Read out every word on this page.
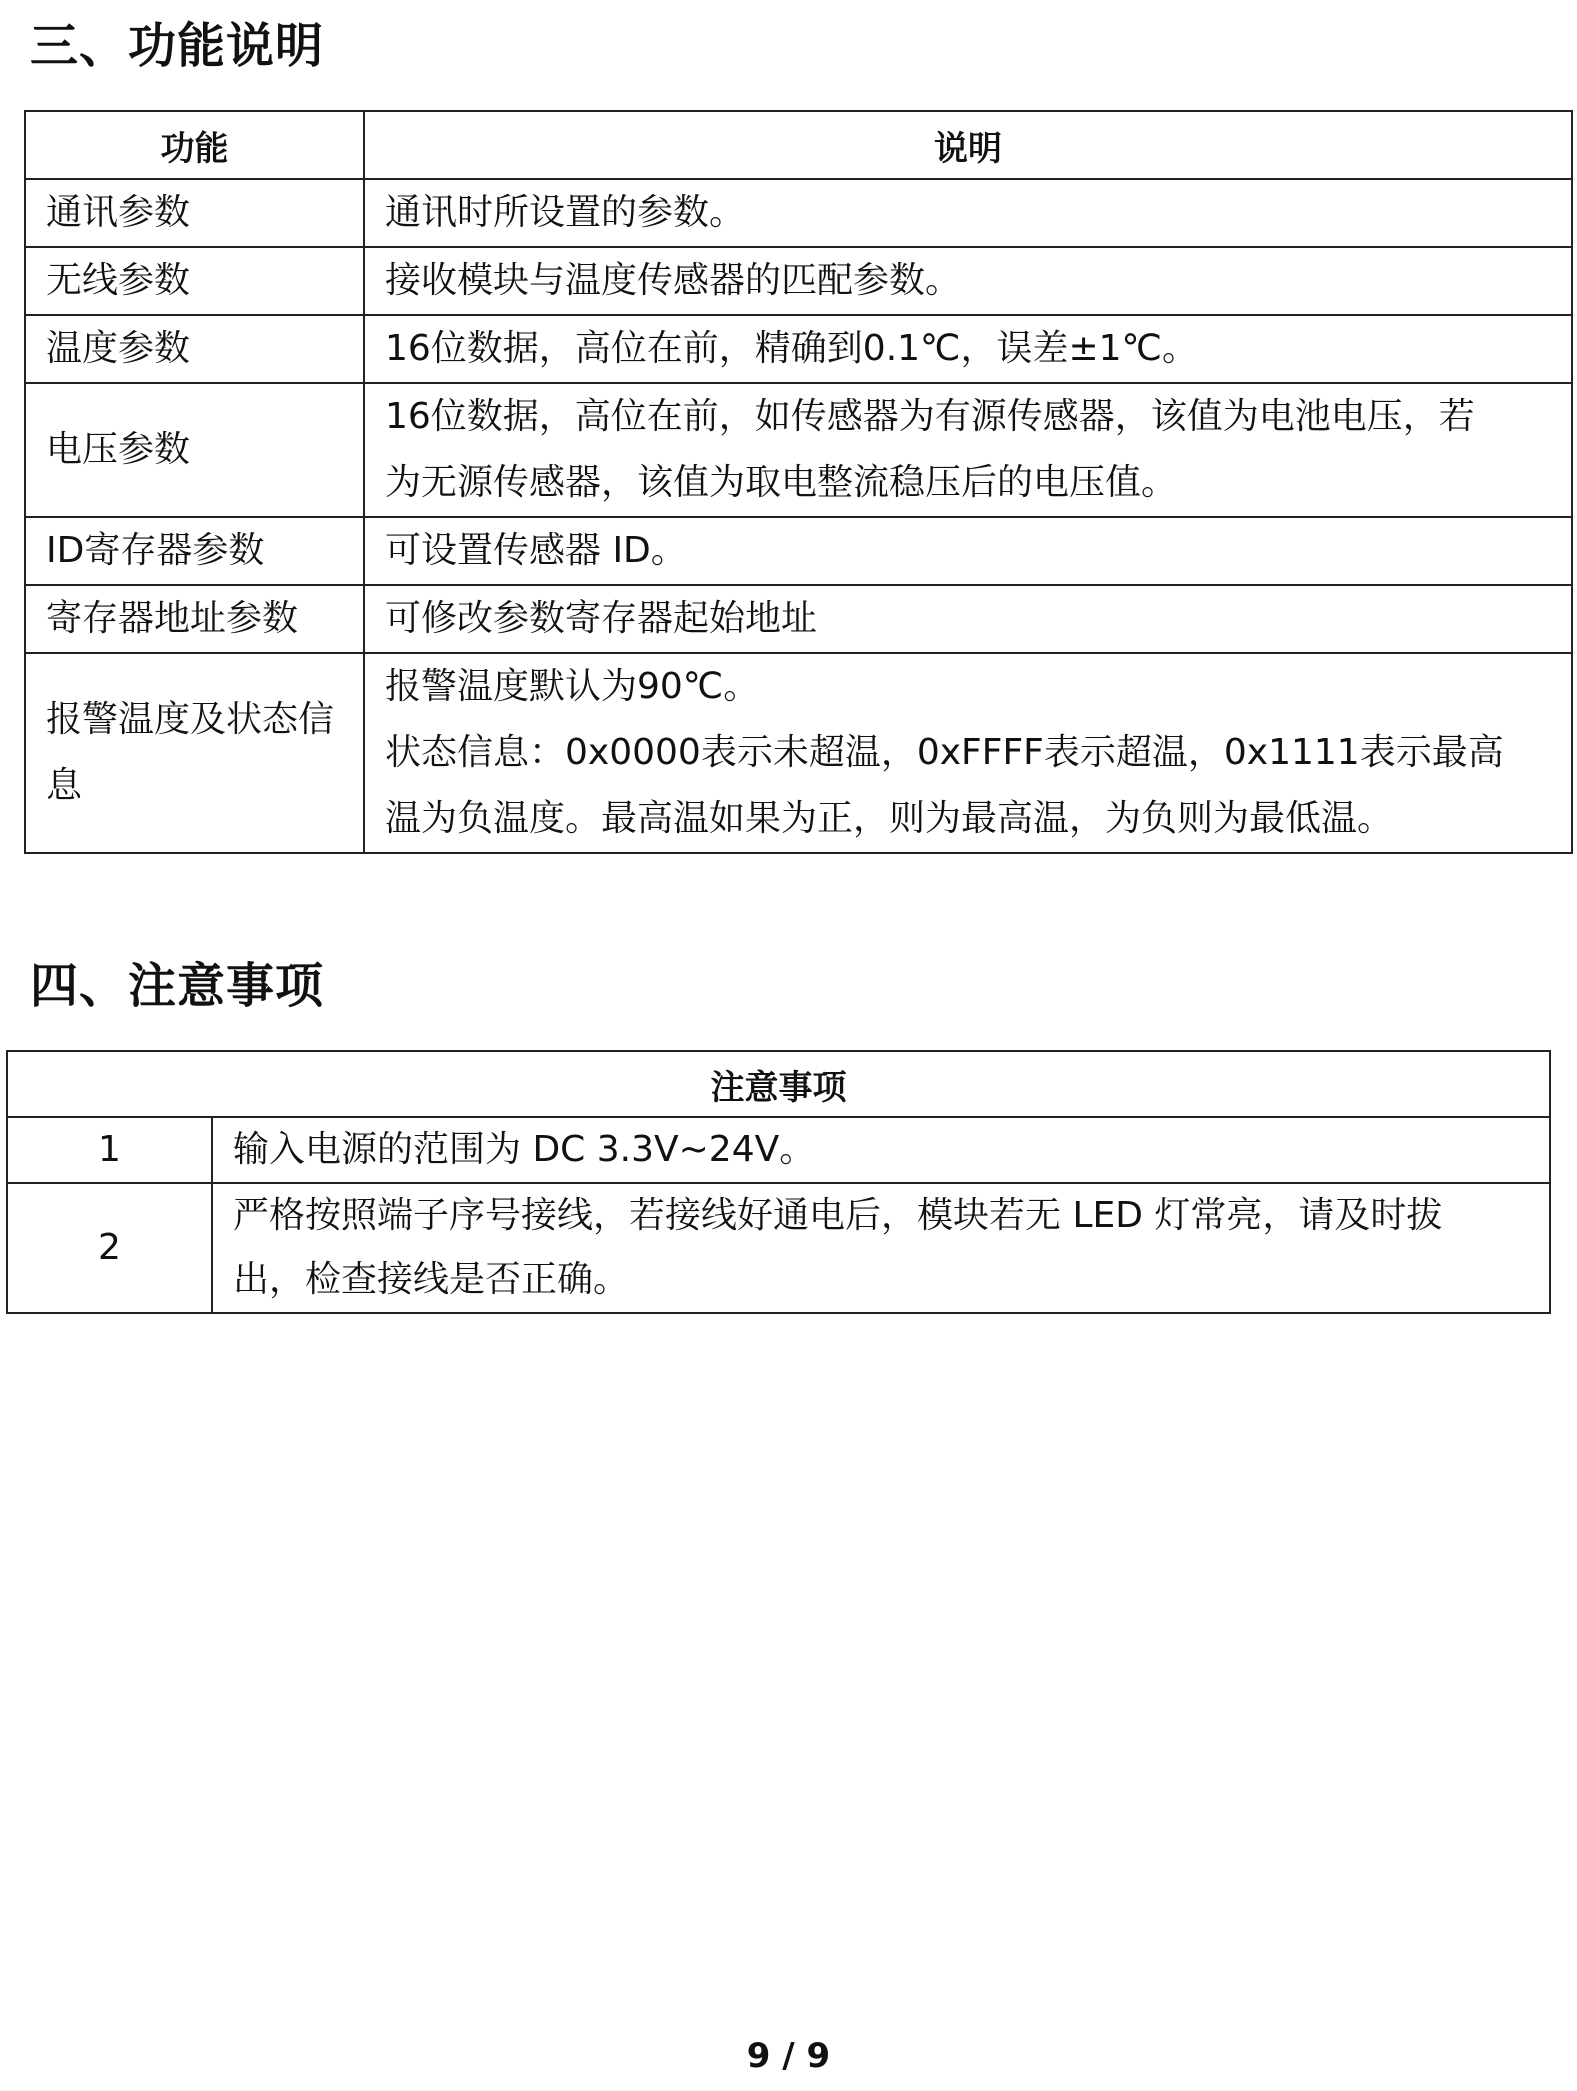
三、功能说明
功能	说明
通讯参数	通讯时所设置的参数。

无线参数	接收模块与温度传感器的匹配参数。

温度参数	16位数据，高位在前，精确到0.1℃，误差±1℃。

电压参数	16位数据，高位在前，如传感器为有源传感器，该值为电池电压，若
为无源传感器，该值为取电整流稳压后的电压值。

ID寄存器参数	可设置传感器 ID。

寄存器地址参数	可修改参数寄存器起始地址

报警温度及状态信息	报警温度默认为90℃。
状态信息：0x0000表示未超温，0xFFFF表示超温，0x1111表示最高
温为负温度。最高温如果为正，则为最高温，为负则为最低温。
四、注意事项
注意事项	
1	输入电源的范围为 DC 3.3V~24V。

2	严格按照端子序号接线，若接线好通电后，模块若无 LED 灯常亮，请及时拔
出，检查接线是否正确。
9 / 9
